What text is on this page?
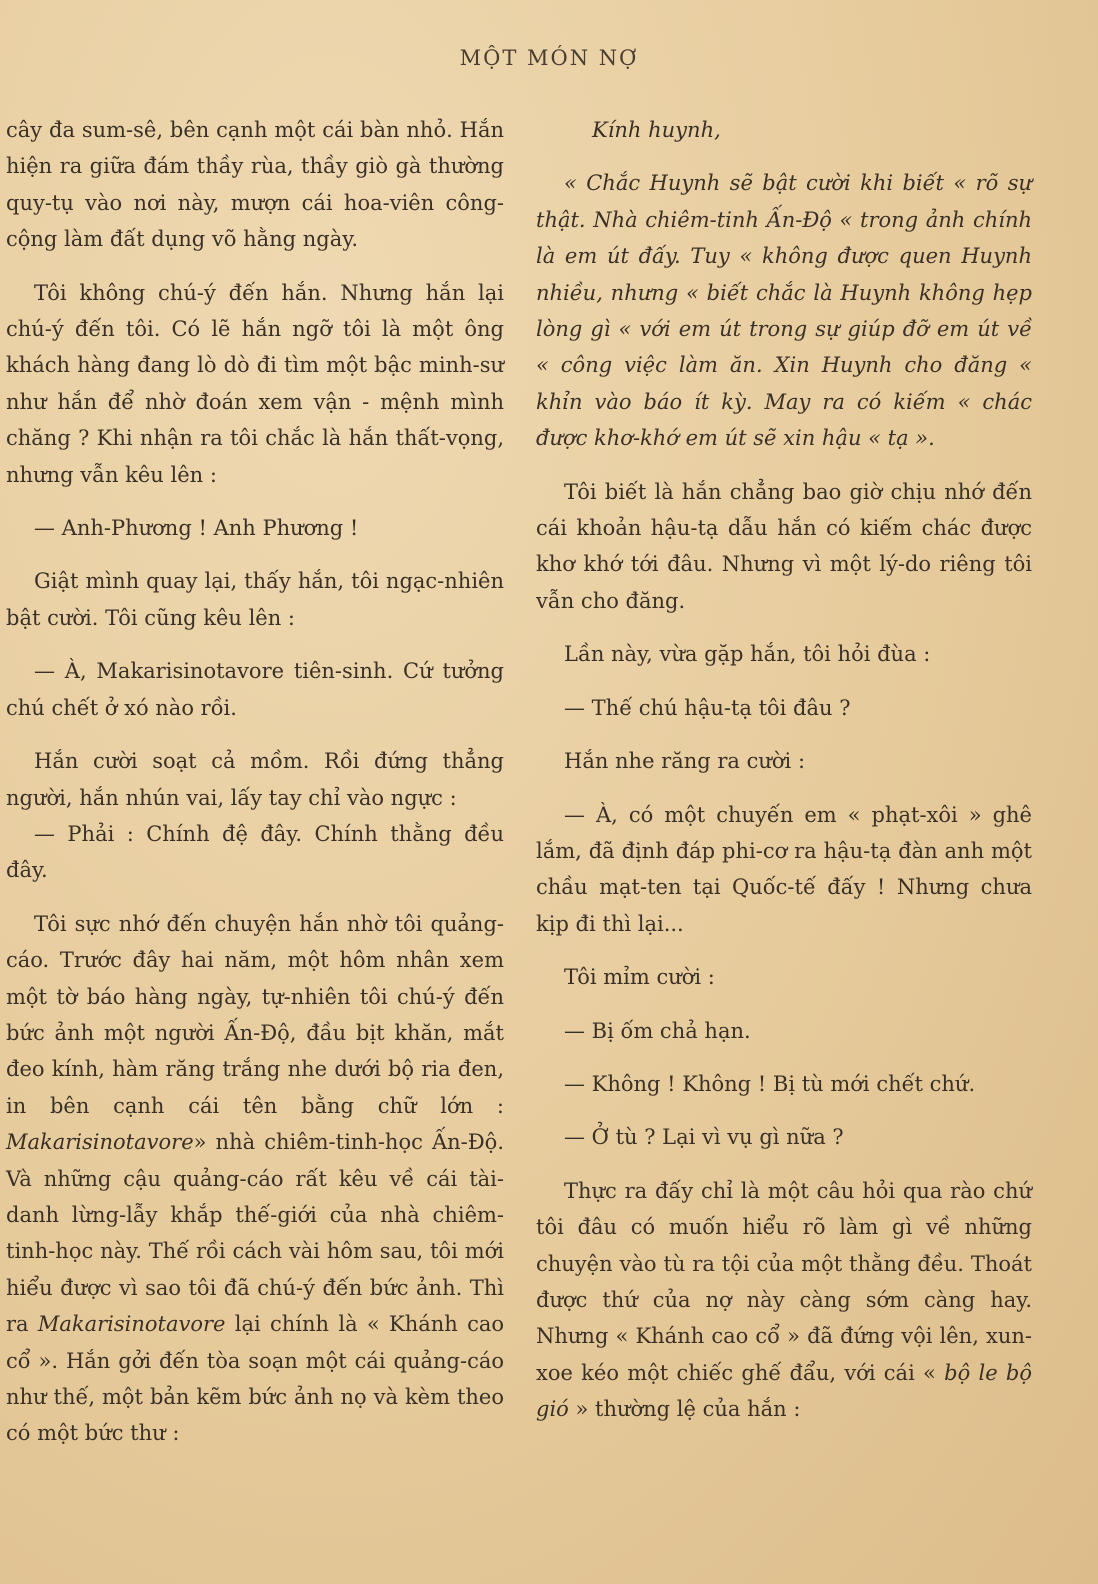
MỘT MÓN NỢ

cây đa sum-sê, bên cạnh một cái bàn nhỏ. Hắn hiện ra giữa đám thầy rùa, thầy giò gà thường quy-tụ vào nơi này, mượn cái hoa-viên công-cộng làm đất dụng võ hằng ngày.

Tôi không chú-ý đến hắn. Nhưng hắn lại chú-ý đến tôi. Có lẽ hắn ngỡ tôi là một ông khách hàng đang lò dò đi tìm một bậc minh-sư như hắn để nhờ đoán xem vận - mệnh mình chăng ? Khi nhận ra tôi chắc là hắn thất-vọng, nhưng vẫn kêu lên :

— Anh-Phương ! Anh Phương !

Giật mình quay lại, thấy hắn, tôi ngạc-nhiên bật cười. Tôi cũng kêu lên :

— À, Makarisinotavore tiên-sinh. Cứ tưởng chú chết ở xó nào rồi.

Hắn cười soạt cả mồm. Rồi đứng thẳng người, hắn nhún vai, lấy tay chỉ vào ngực :

— Phải : Chính đệ đây. Chính thằng đều đây.

Tôi sực nhớ đến chuyện hắn nhờ tôi quảng-cáo. Trước đây hai năm, một hôm nhân xem một tờ báo hàng ngày, tự-nhiên tôi chú-ý đến bức ảnh một người Ấn-Độ, đầu bịt khăn, mắt đeo kính, hàm răng trắng nhe dưới bộ ria đen, in bên cạnh cái tên bằng chữ lớn : Makarisinotavore» nhà chiêm-tinh-học Ấn-Độ. Và những cậu quảng-cáo rất kêu về cái tài-danh lừng-lẫy khắp thế-giới của nhà chiêm-tinh-học này. Thế rồi cách vài hôm sau, tôi mới hiểu được vì sao tôi đã chú-ý đến bức ảnh. Thì ra Makarisinotavore lại chính là « Khánh cao cổ ». Hắn gởi đến tòa soạn một cái quảng-cáo như thế, một bản kẽm bức ảnh nọ và kèm theo có một bức thư :

Kính huynh,

« Chắc Huynh sẽ bật cười khi biết « rõ sự thật. Nhà chiêm-tinh Ấn-Độ « trong ảnh chính là em út đấy. Tuy « không được quen Huynh nhiều, nhưng « biết chắc là Huynh không hẹp lòng gì « với em út trong sự giúp đỡ em út về « công việc làm ăn. Xin Huynh cho đăng « khỉn vào báo ít kỳ. May ra có kiếm « chác được khơ-khớ em út sẽ xin hậu « tạ ».

Tôi biết là hắn chẳng bao giờ chịu nhớ đến cái khoản hậu-tạ dẫu hắn có kiếm chác được khơ khớ tới đâu. Nhưng vì một lý-do riêng tôi vẫn cho đăng.

Lần này, vừa gặp hắn, tôi hỏi đùa :

— Thế chú hậu-tạ tôi đâu ?

Hắn nhe răng ra cười :

— À, có một chuyến em « phạt-xôi » ghê lắm, đã định đáp phi-cơ ra hậu-tạ đàn anh một chầu mạt-ten tại Quốc-tế đấy ! Nhưng chưa kịp đi thì lại...

Tôi mỉm cười :

— Bị ốm chả hạn.

— Không ! Không ! Bị tù mới chết chứ.

— Ở tù ? Lại vì vụ gì nữa ?

Thực ra đấy chỉ là một câu hỏi qua rào chứ tôi đâu có muốn hiểu rõ làm gì về những chuyện vào tù ra tội của một thằng đều. Thoát được thứ của nợ này càng sớm càng hay. Nhưng « Khánh cao cổ » đã đứng vội lên, xun-xoe kéo một chiếc ghế đẩu, với cái « bộ le bộ gió » thường lệ của hắn :
